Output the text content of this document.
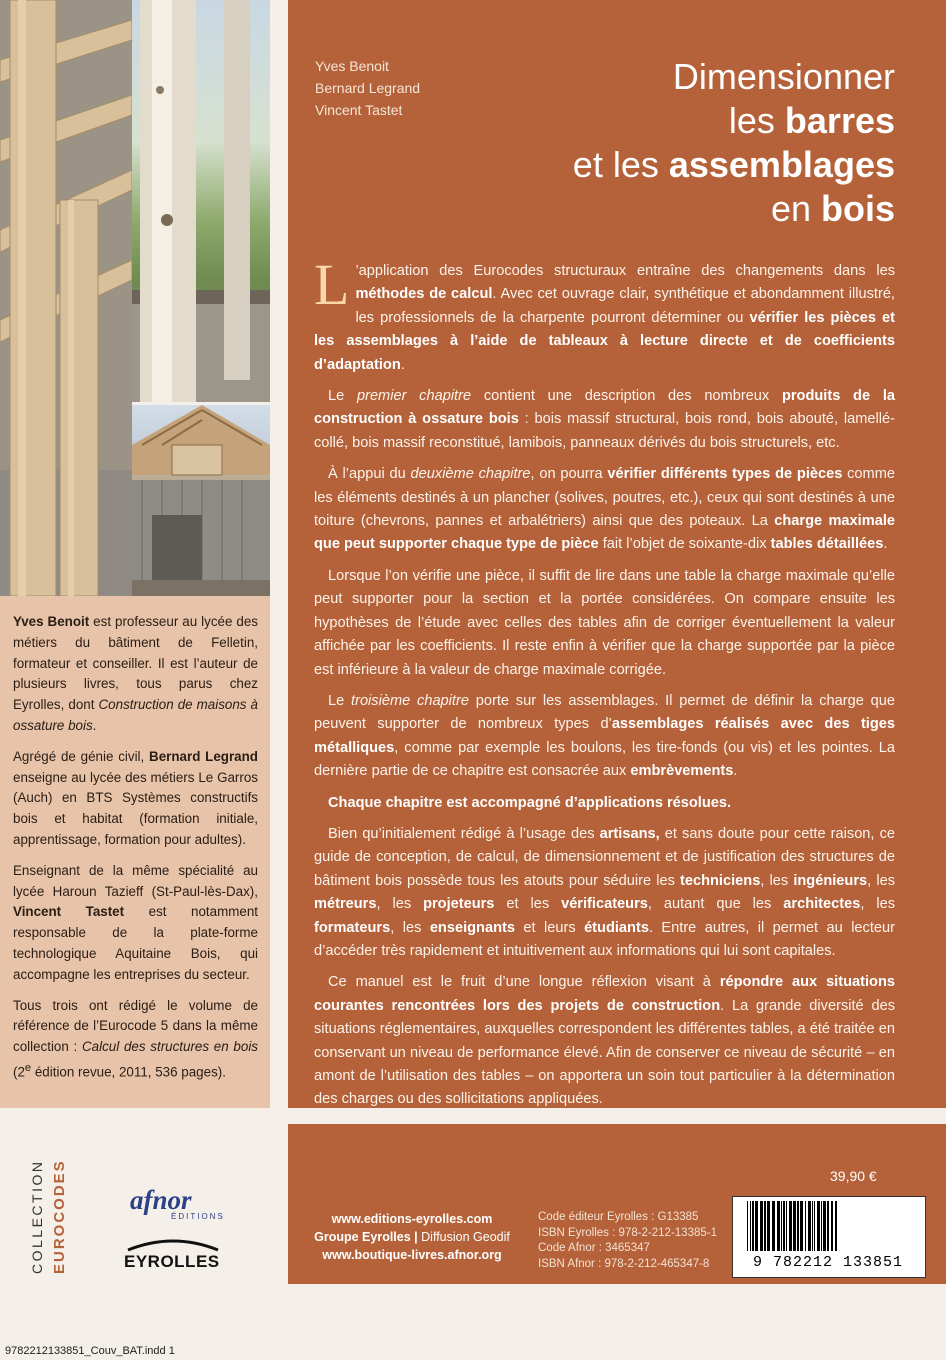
Yves Benoit est professeur au lycée des métiers du bâtiment de Felletin, formateur et conseiller. Il est l’auteur de plusieurs livres, tous parus chez Eyrolles, dont Construction de maisons à ossature bois.

Agrégé de génie civil, Bernard Legrand enseigne au lycée des métiers Le Garros (Auch) en BTS Systèmes constructifs bois et habitat (formation initiale, apprentissage, formation pour adultes).

Enseignant de la même spécialité au lycée Haroun Tazieff (St-Paul-lès-Dax), Vincent Tastet est notamment responsable de la plate-forme technologique Aquitaine Bois, qui accompagne les entreprises du secteur.

Tous trois ont rédigé le volume de référence de l’Eurocode 5 dans la même collection : Calcul des structures en bois (2e édition revue, 2011, 536 pages).

Yves Benoit
Bernard Legrand
Vincent Tastet
Dimensionner
les barres
et les assemblages
en bois

L ’application des Eurocodes structuraux entraîne des changements dans les méthodes de calcul. Avec cet ouvrage clair, synthétique et abondamment illustré, les professionnels de la charpente pourront déterminer ou vérifier les pièces et les assemblages à l’aide de tableaux à lecture directe et de coefficients d’adaptation.

Le premier chapitre contient une description des nombreux produits de la construction à ossature bois : bois massif structural, bois rond, bois abouté, lamellé-collé, bois massif reconstitué, lamibois, panneaux dérivés du bois structurels, etc.

À l’appui du deuxième chapitre, on pourra vérifier différents types de pièces comme les éléments destinés à un plancher (solives, poutres, etc.), ceux qui sont destinés à une toiture (chevrons, pannes et arbalétriers) ainsi que des poteaux. La charge maximale que peut supporter chaque type de pièce fait l’objet de soixante-dix tables détaillées.

Lorsque l’on vérifie une pièce, il suffit de lire dans une table la charge maximale qu’elle peut supporter pour la section et la portée considérées. On compare ensuite les hypothèses de l’étude avec celles des tables afin de corriger éventuellement la valeur affichée par les coefficients. Il reste enfin à vérifier que la charge supportée par la pièce est inférieure à la valeur de charge maximale corrigée.

Le troisième chapitre porte sur les assemblages. Il permet de définir la charge que peuvent supporter de nombreux types d’assemblages réalisés avec des tiges métalliques, comme par exemple les boulons, les tire-fonds (ou vis) et les pointes. La dernière partie de ce chapitre est consacrée aux embrèvements.

Chaque chapitre est accompagné d’applications résolues.

Bien qu’initialement rédigé à l’usage des artisans, et sans doute pour cette raison, ce guide de conception, de calcul, de dimensionnement et de justification des structures de bâtiment bois possède tous les atouts pour séduire les techniciens, les ingénieurs, les métreurs, les projeteurs et les vérificateurs, autant que les architectes, les formateurs, les enseignants et leurs étudiants. Entre autres, il permet au lecteur d’accéder très rapidement et intuitivement aux informations qui lui sont capitales.

Ce manuel est le fruit d’une longue réflexion visant à répondre aux situations courantes rencontrées lors des projets de construction. La grande diversité des situations réglementaires, auxquelles correspondent les différentes tables, a été traitée en conservant un niveau de performance élevé. Afin de conserver ce niveau de sécurité – en amont de l’utilisation des tables – on apportera un soin tout particulier à la détermination des charges ou des sollicitations appliquées.

39,90 €
www.editions-eyrolles.com
Groupe Eyrolles | Diffusion Geodif
www.boutique-livres.afnor.org
Code éditeur Eyrolles : G13385
ISBN Eyrolles : 978-2-212-13385-1
Code Afnor : 3465347
ISBN Afnor : 978-2-212-465347-8	9 782212 133851
COLLECTION EUROCODES afnor
ÉDITIONS
EYROLLES
9782212133851_Couv_BAT.indd 1
